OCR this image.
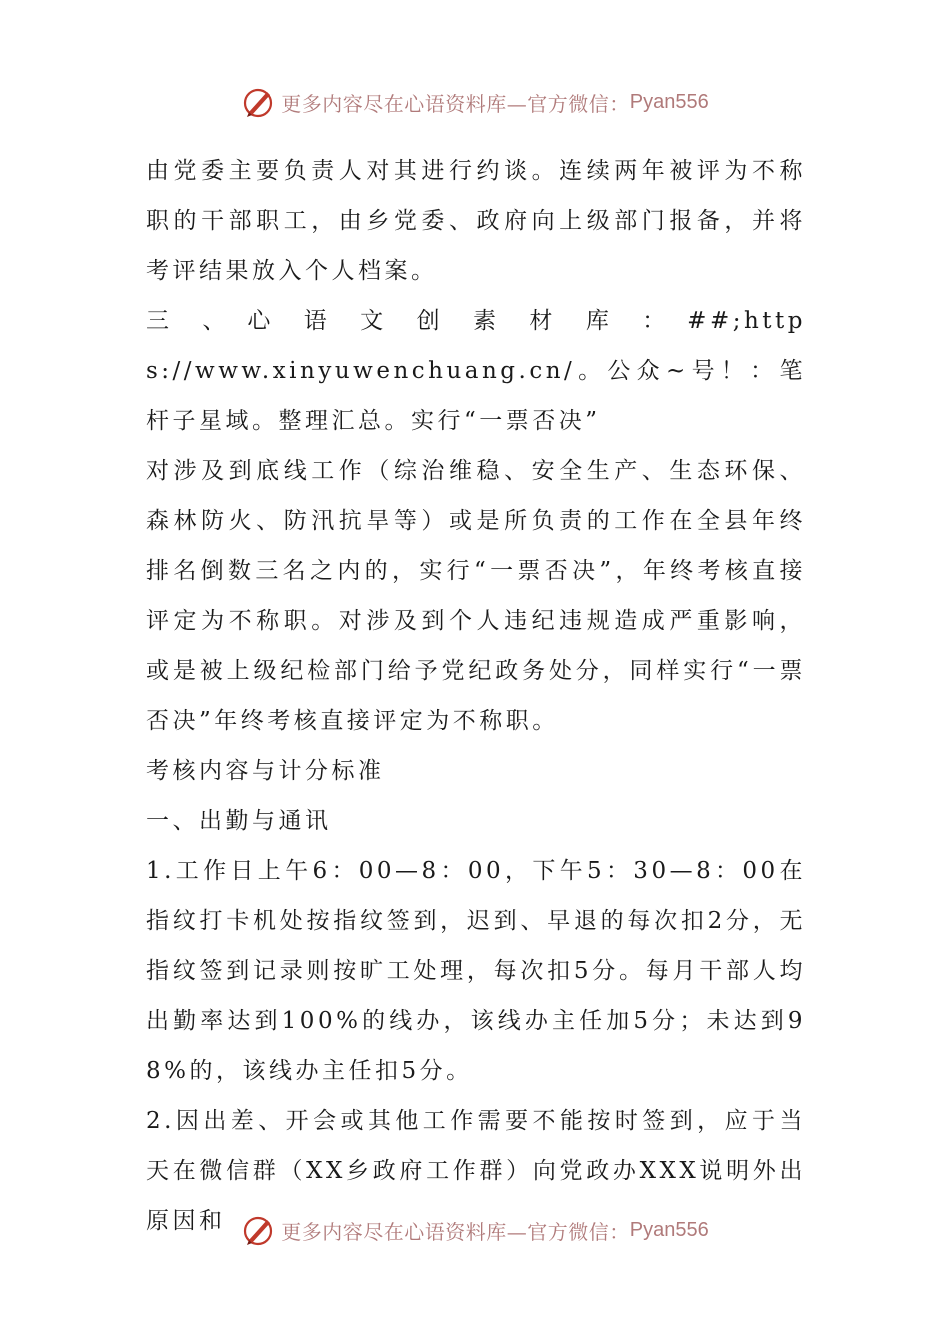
更多内容尽在心语资料库—官方微信： Pyan556

由党委主要负责人对其进行约谈。连续两年被评为不称职的干部职工，由乡党委、政府向上级部门报备，并将考评结果放入个人档案。

三　、　心　语　文　创　素　材　库　：　##;https://www.xinyuwenchuang.cn/。公众~号！：笔杆子星域。整理汇总。实行“一票否决”

对涉及到底线工作（综治维稳、安全生产、生态环保、森林防火、防汛抗旱等）或是所负责的工作在全县年终排名倒数三名之内的，实行“一票否决”，年终考核直接评定为不称职。对涉及到个人违纪违规造成严重影响，或是被上级纪检部门给予党纪政务处分，同样实行“一票否决”年终考核直接评定为不称职。

考核内容与计分标准

一、出勤与通讯

1.工作日上午6：00—8：00，下午5：30—8：00在指纹打卡机处按指纹签到，迟到、早退的每次扣2分，无指纹签到记录则按旷工处理，每次扣5分。每月干部人均出勤率达到100%的线办，该线办主任加5分；未达到98%的，该线办主任扣5分。

2.因出差、开会或其他工作需要不能按时签到，应于当天在微信群（XX乡政府工作群）向党政办XXX说明外出原因和	更多内容尽在心语资料库—官方微信： Pyan556
